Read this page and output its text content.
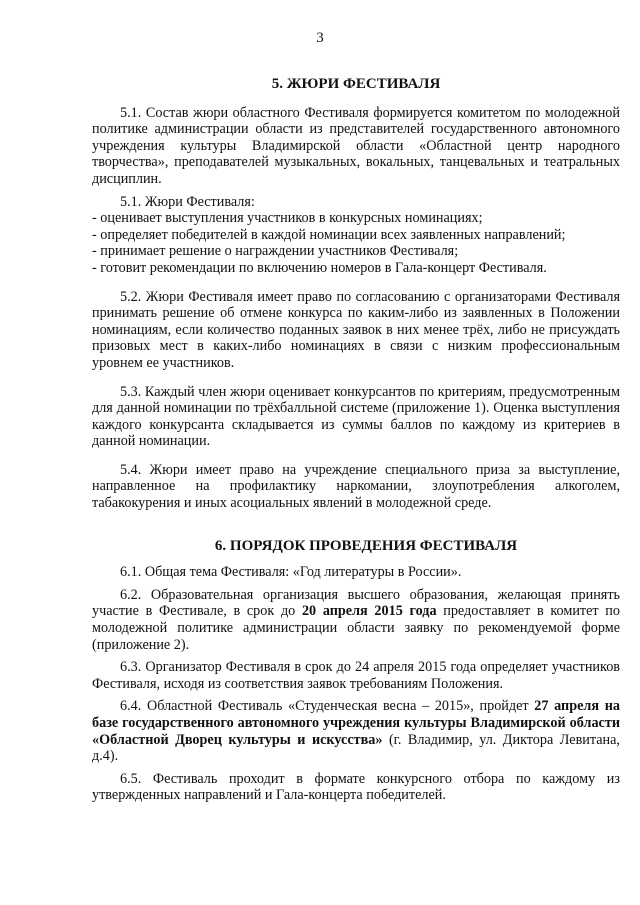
3
5. ЖЮРИ ФЕСТИВАЛЯ

5.1. Состав жюри областного Фестиваля формируется комитетом по молодежной политике администрации области из представителей государственного автономного учреждения культуры Владимирской области «Областной центр народного творчества», преподавателей музыкальных, вокальных, танцевальных и театральных дисциплин.

5.1. Жюри Фестиваля:

- оценивает выступления участников в конкурсных номинациях;

- определяет победителей в каждой номинации всех заявленных направлений;

- принимает решение о награждении участников Фестиваля;

- готовит рекомендации по включению номеров в Гала-концерт Фестиваля.

5.2. Жюри Фестиваля имеет право по согласованию с организаторами Фестиваля принимать решение об отмене конкурса по каким-либо из заявленных в Положении номинациям, если количество поданных заявок в них менее трёх, либо не присуждать призовых мест в каких-либо номинациях в связи с низким профессиональным уровнем ее участников.

5.3. Каждый член жюри оценивает конкурсантов по критериям, предусмотренным для данной номинации по трёхбалльной системе (приложение 1). Оценка выступления каждого конкурсанта складывается из суммы баллов по каждому из критериев в данной номинации.

5.4. Жюри имеет право на учреждение специального приза за выступление, направленное на профилактику наркомании, злоупотребления алкоголем, табакокурения и иных асоциальных явлений в молодежной среде.

6. ПОРЯДОК ПРОВЕДЕНИЯ ФЕСТИВАЛЯ

6.1. Общая тема Фестиваля: «Год литературы в России».

6.2. Образовательная организация высшего образования, желающая принять участие в Фестивале, в срок до 20 апреля 2015 года предоставляет в комитет по молодежной политике администрации области заявку по рекомендуемой форме (приложение 2).

6.3. Организатор Фестиваля в срок до 24 апреля 2015 года определяет участников Фестиваля, исходя из соответствия заявок требованиям Положения.

6.4. Областной Фестиваль «Студенческая весна – 2015», пройдет 27 апреля на базе государственного автономного учреждения культуры Владимирской области «Областной Дворец культуры и искусства» (г. Владимир, ул. Диктора Левитана, д.4).

6.5. Фестиваль проходит в формате конкурсного отбора по каждому из утвержденных направлений и Гала-концерта победителей.
